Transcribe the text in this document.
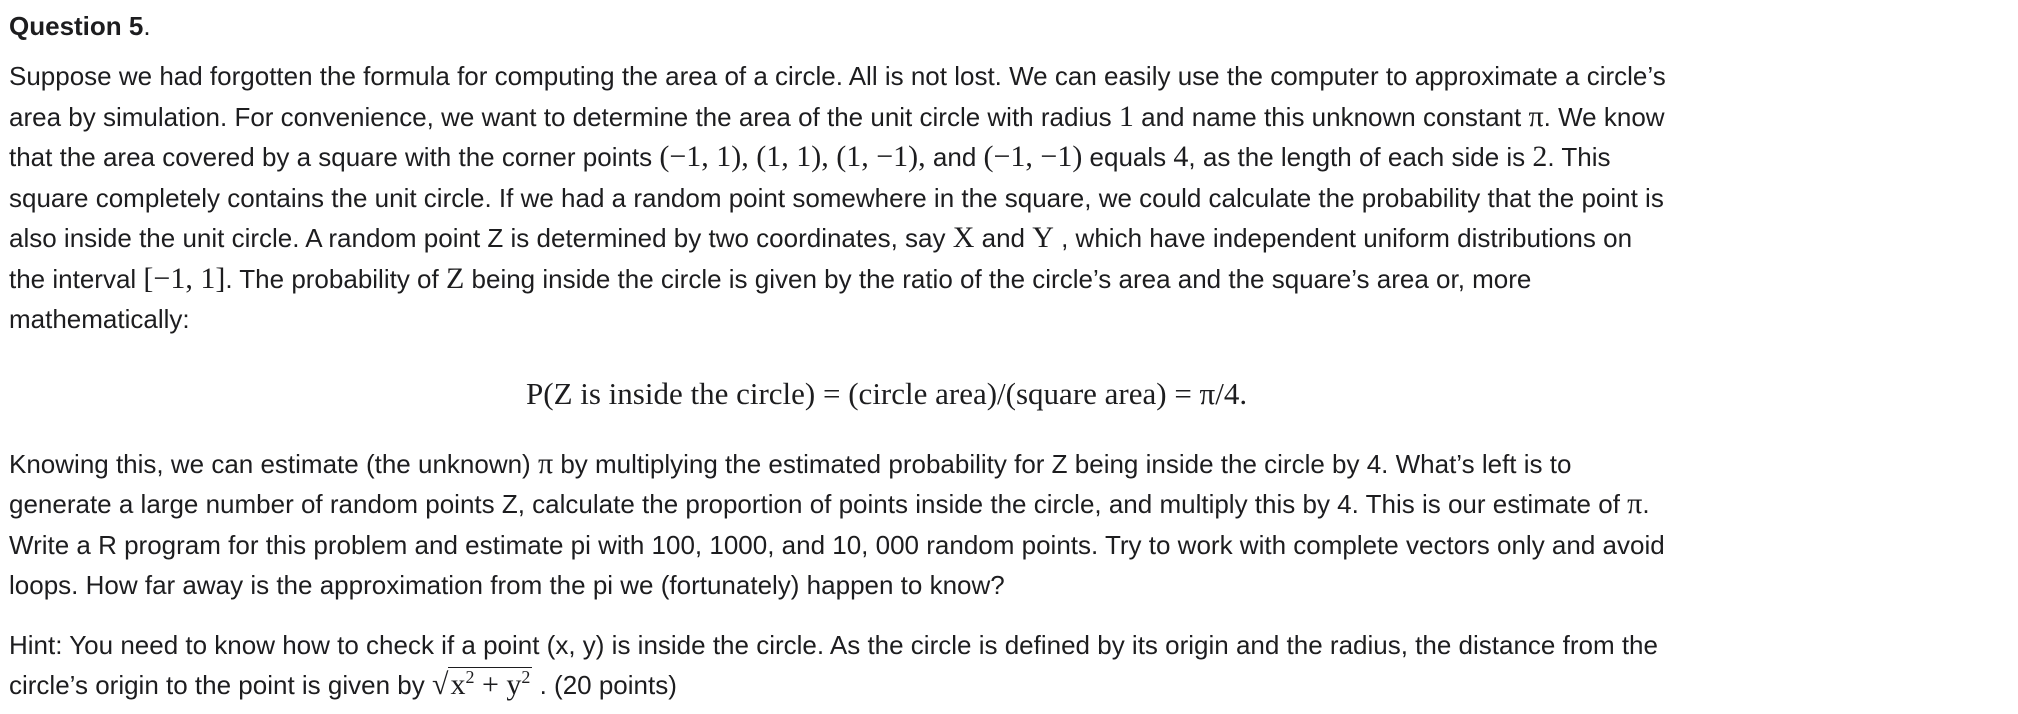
Question 5.

Suppose we had forgotten the formula for computing the area of a circle. All is not lost. We can easily use the computer to approximate a circle’s

area by simulation. For convenience, we want to determine the area of the unit circle with radius 1 and name this unknown constant π. We know

that the area covered by a square with the corner points (−1, 1), (1, 1), (1, −1), and (−1, −1) equals 4, as the length of each side is 2. This

square completely contains the unit circle. If we had a random point somewhere in the square, we could calculate the probability that the point is

also inside the unit circle. A random point Z is determined by two coordinates, say X and Y , which have independent uniform distributions on

the interval [−1, 1]. The probability of Z being inside the circle is given by the ratio of the circle’s area and the square’s area or, more

mathematically:

P(Z is inside the circle) = (circle area)/(square area) = π/4.

Knowing this, we can estimate (the unknown) π by multiplying the estimated probability for Z being inside the circle by 4. What’s left is to

generate a large number of random points Z, calculate the proportion of points inside the circle, and multiply this by 4. This is our estimate of π.

Write a R program for this problem and estimate pi with 100, 1000, and 10, 000 random points. Try to work with complete vectors only and avoid

loops. How far away is the approximation from the pi we (fortunately) happen to know?

Hint: You need to know how to check if a point (x, y) is inside the circle. As the circle is defined by its origin and the radius, the distance from the

circle’s origin to the point is given by $√x^2 + y^2$ . (20 points)
